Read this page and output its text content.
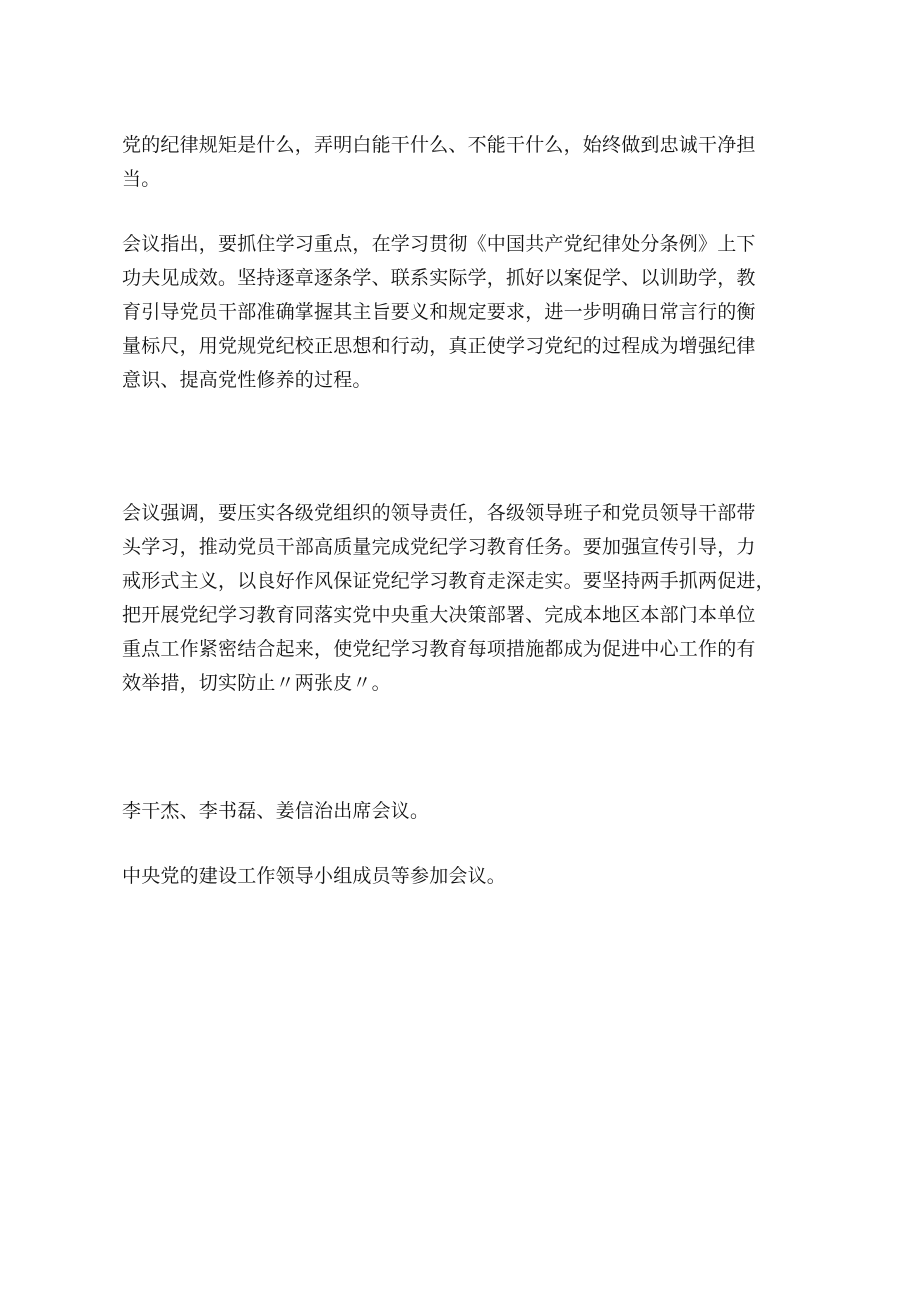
党的纪律规矩是什么，弄明白能干什么、不能干什么，始终做到忠诚干净担
当。

会议指出，要抓住学习重点，在学习贯彻《中国共产党纪律处分条例》上下
功夫见成效。坚持逐章逐条学、联系实际学，抓好以案促学、以训助学，教
育引导党员干部准确掌握其主旨要义和规定要求，进一步明确日常言行的衡
量标尺，用党规党纪校正思想和行动，真正使学习党纪的过程成为增强纪律
意识、提高党性修养的过程。

会议强调，要压实各级党组织的领导责任，各级领导班子和党员领导干部带
头学习，推动党员干部高质量完成党纪学习教育任务。要加强宣传引导，力
戒形式主义，以良好作风保证党纪学习教育走深走实。要坚持两手抓两促进，
把开展党纪学习教育同落实党中央重大决策部署、完成本地区本部门本单位
重点工作紧密结合起来，使党纪学习教育每项措施都成为促进中心工作的有
效举措，切实防止〃两张皮〃。

李干杰、李书磊、姜信治出席会议。

中央党的建设工作领导小组成员等参加会议。
